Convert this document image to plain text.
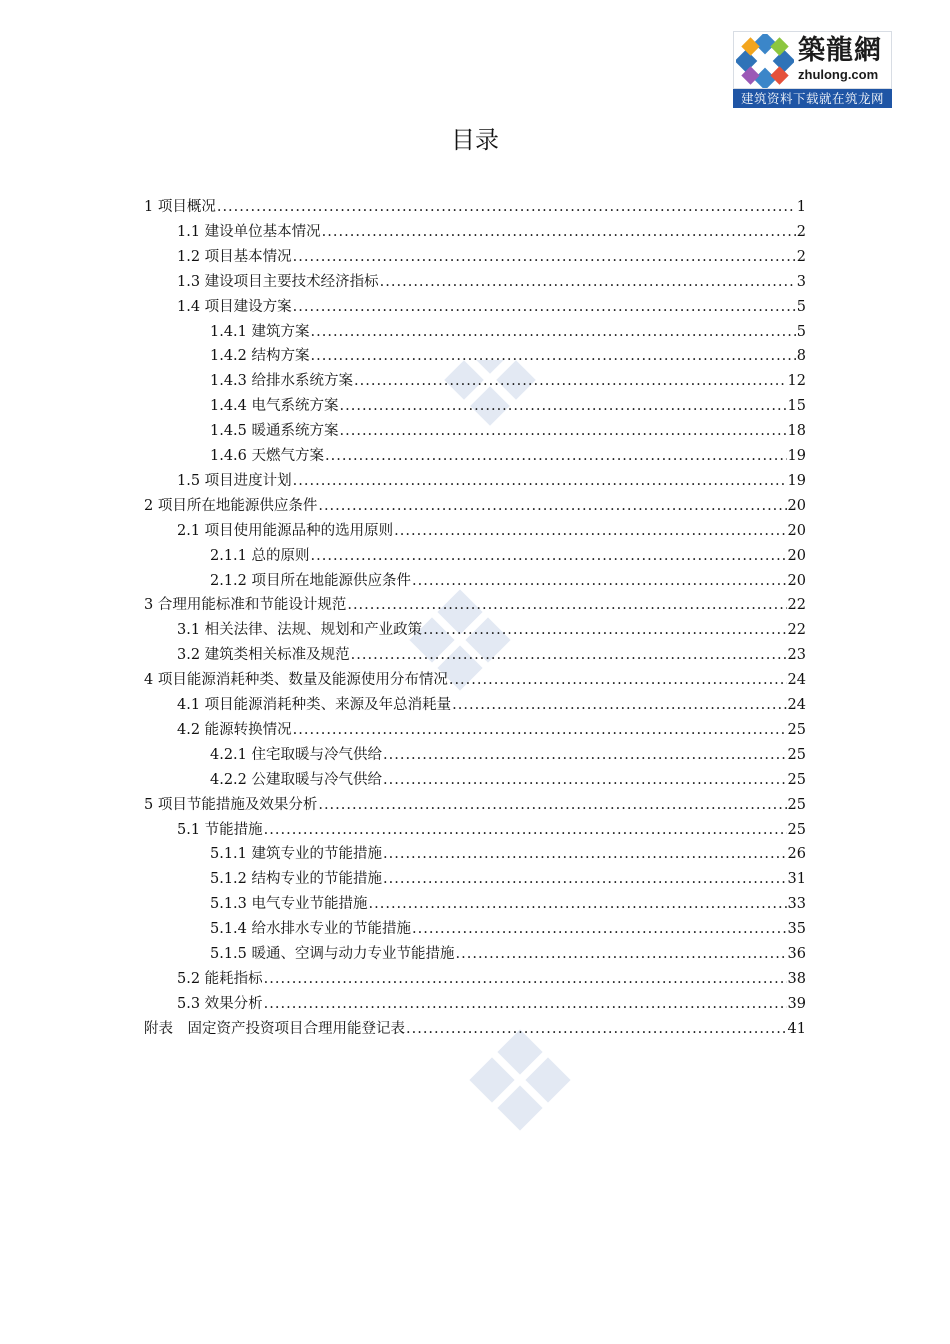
築龍網
zhulong.com
建筑资料下载就在筑龙网
目录
1 项目概况 .....	1
1.1 建设单位基本情况 .....	2
1.2 项目基本情况 .....	2
1.3 建设项目主要技术经济指标 .....	3
1.4 项目建设方案 .....	5
1.4.1 建筑方案 .....	5
1.4.2 结构方案 .....	8
1.4.3 给排水系统方案 .....	12
1.4.4 电气系统方案 .....	15
1.4.5 暖通系统方案 .....	18
1.4.6 天燃气方案 .....	19
1.5 项目进度计划 .....	19
2 项目所在地能源供应条件 .....	20
2.1 项目使用能源品种的选用原则 .....	20
2.1.1 总的原则 .....	20
2.1.2 项目所在地能源供应条件 .....	20
3 合理用能标准和节能设计规范 .....	22
3.1 相关法律、法规、规划和产业政策 .....	22
3.2 建筑类相关标准及规范 .....	23
4 项目能源消耗种类、数量及能源使用分布情况 .....	24
4.1 项目能源消耗种类、来源及年总消耗量 .....	24
4.2 能源转换情况 .....	25
4.2.1 住宅取暖与冷气供给 .....	25
4.2.2 公建取暖与冷气供给 .....	25
5 项目节能措施及效果分析 .....	25
5.1 节能措施 .....	25
5.1.1 建筑专业的节能措施 .....	26
5.1.2 结构专业的节能措施 .....	31
5.1.3 电气专业节能措施 .....	33
5.1.4 给水排水专业的节能措施 .....	35
5.1.5 暖通、空调与动力专业节能措施 .....	36
5.2 能耗指标 .....	38
5.3 效果分析 .....	39
附表　固定资产投资项目合理用能登记表 .....	41
